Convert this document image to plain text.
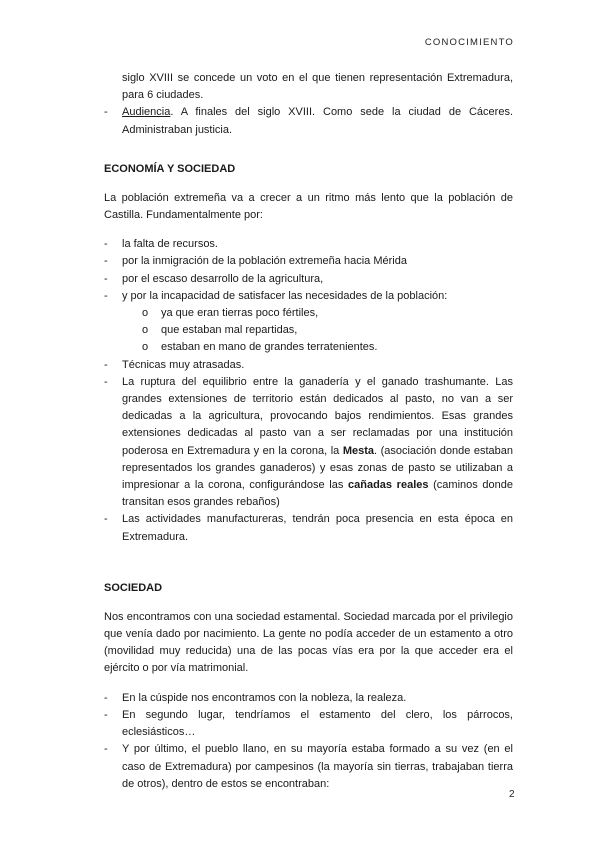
CONOCIMIENTO
siglo XVIII se concede un voto en el que tienen representación Extremadura, para 6 ciudades.
- Audiencia. A finales del siglo XVIII. Como sede la ciudad de Cáceres. Administraban justicia.
ECONOMÍA Y SOCIEDAD

La población extremeña va a crecer a un ritmo más lento que la población de Castilla. Fundamentalmente por:

- la falta de recursos.
- por la inmigración de la población extremeña hacia Mérida
- por el escaso desarrollo de la agricultura,
- y por la incapacidad de satisfacer las necesidades de la población:
o ya que eran tierras poco fértiles,
o que estaban mal repartidas,
o estaban en mano de grandes terratenientes.
- Técnicas muy atrasadas.
- La ruptura del equilibrio entre la ganadería y el ganado trashumante. Las grandes extensiones de territorio están dedicados al pasto, no van a ser dedicadas a la agricultura, provocando bajos rendimientos. Esas grandes extensiones dedicadas al pasto van a ser reclamadas por una institución poderosa en Extremadura y en la corona, la Mesta. (asociación donde estaban representados los grandes ganaderos) y esas zonas de pasto se utilizaban a impresionar a la corona, configurándose las cañadas reales (caminos donde transitan esos grandes rebaños)
- Las actividades manufactureras, tendrán poca presencia en esta época en Extremadura.
SOCIEDAD

Nos encontramos con una sociedad estamental. Sociedad marcada por el privilegio que venía dado por nacimiento. La gente no podía acceder de un estamento a otro (movilidad muy reducida) una de las pocas vías era por la que acceder era el ejército o por vía matrimonial.

- En la cúspide nos encontramos con la nobleza, la realeza.
- En segundo lugar, tendríamos el estamento del clero, los párrocos, eclesiásticos…
- Y por último, el pueblo llano, en su mayoría estaba formado a su vez (en el caso de Extremadura) por campesinos (la mayoría sin tierras, trabajaban tierra de otros), dentro de estos se encontraban:
2
